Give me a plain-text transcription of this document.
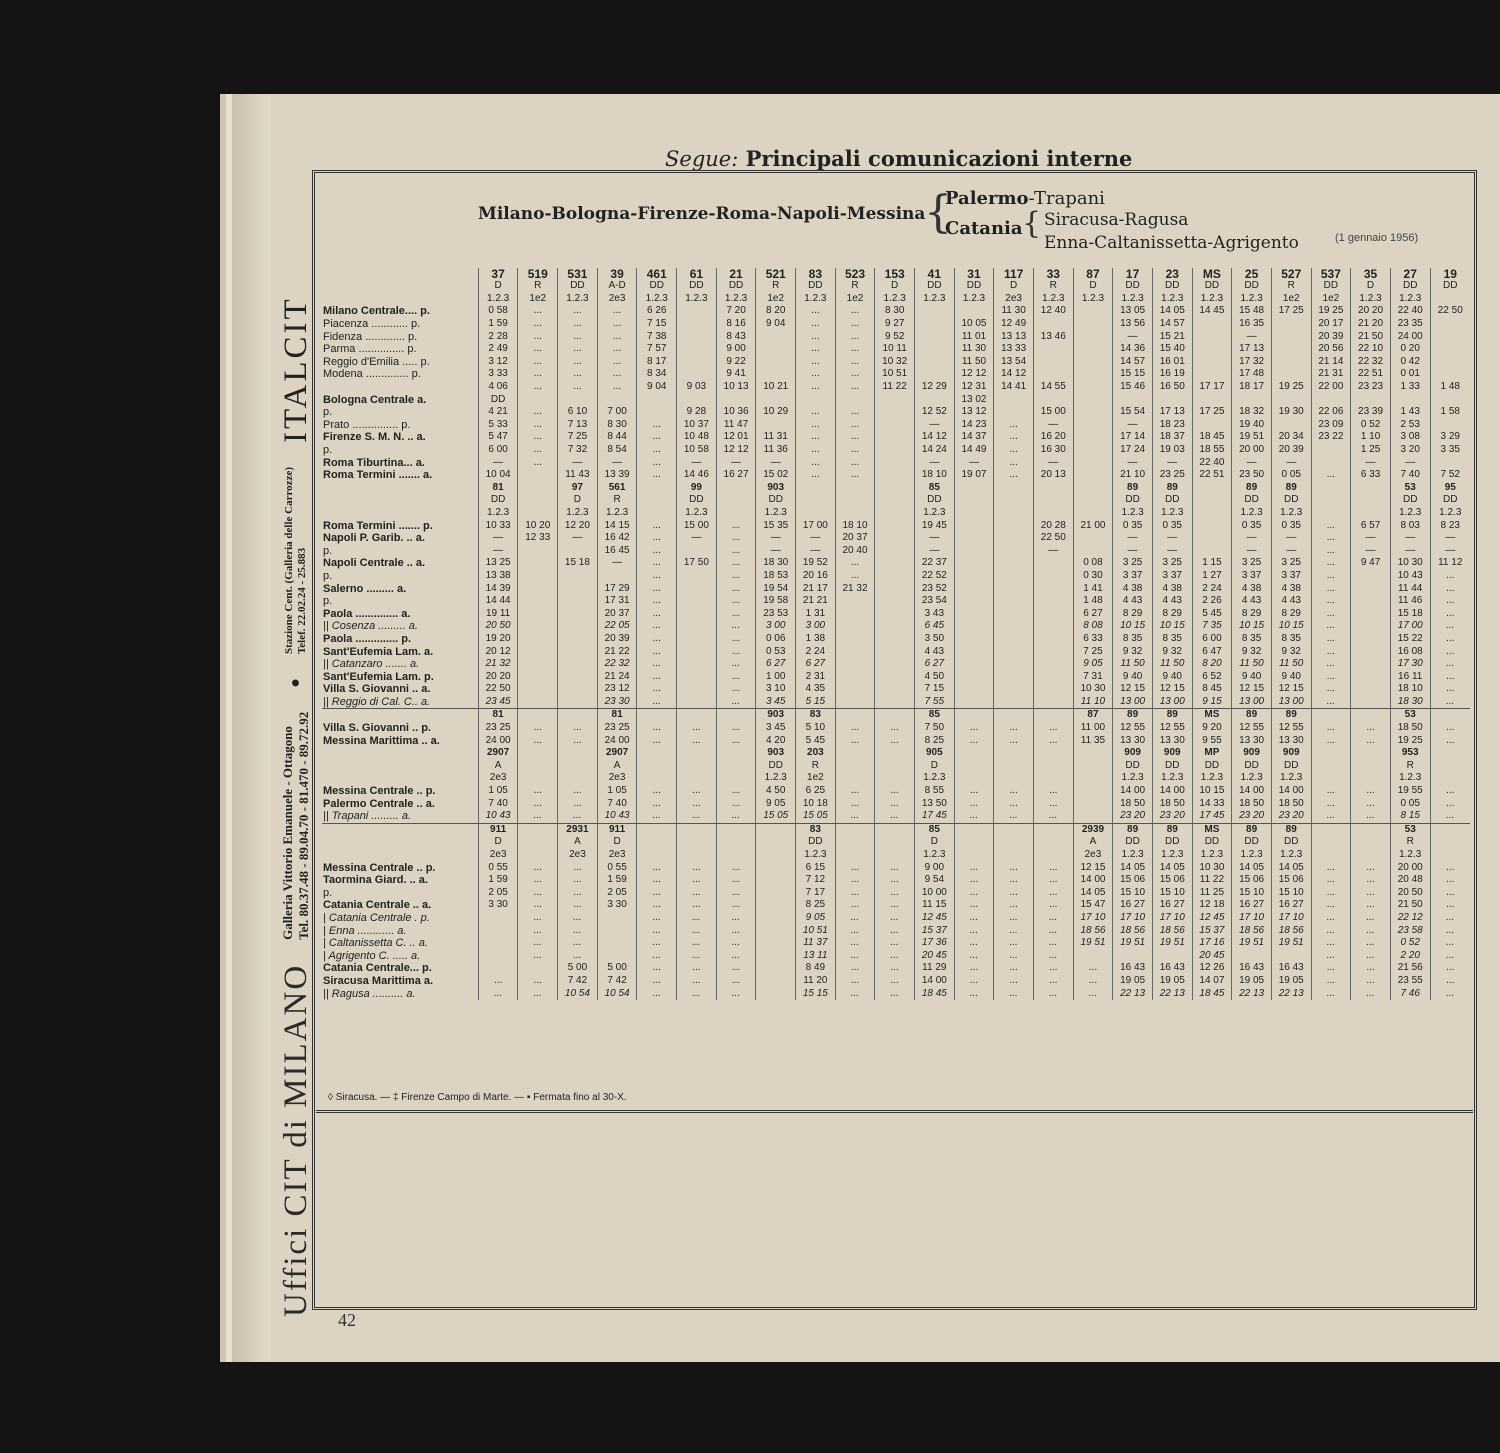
Uffici CIT di MILANO
Galleria Vittorio Emanuele - Ottagono
Tel. 80.37.48 - 89.04.70 - 81.470 - 89.72.92
●
Stazione Cent. (Galleria delle Carrozze)
Telef. 22.02.24 - 25.883
ITALCIT
Segue: Principali comunicazioni interne
Milano-Bologna-Firenze-Roma-Napoli-Messina
{
Palermo-Trapani
Catania { Siracusa-Ragusa
Enna-Caltanissetta-Agrigento	(1 gennaio 1956)
	37	519	531	39	461	61	21	521	83	523	153	41	31	117	33	87	17	23	MS	25	527	537	35	27	19
	D	R	DD	A-D	DD	DD	DD	R	DD	R	D	DD	DD	D	R	D	DD	DD	DD	DD	R	DD	D	DD	DD
	1.2.3	1e2	1.2.3	2e3	1.2.3	1.2.3	1.2.3	1e2	1.2.3	1e2	1.2.3	1.2.3	1.2.3	2e3	1.2.3	1.2.3	1.2.3	1.2.3	1.2.3	1.2.3	1e2	1e2	1.2.3	1.2.3	
Milano Centrale.... p.	0 58	...	...	...	6 26		7 20	8 20	...	...	8 30			11 30	12 40		13 05	14 05	14 45	15 48	17 25	19 25	20 20	22 40	22 50
Piacenza ............ p.	1 59	...	...	...	7 15		8 16	9 04	...	...	9 27		10 05	12 49			13 56	14 57		16 35		20 17	21 20	23 35	
Fidenza ............. p.	2 28	...	...	...	7 38		8 43		...	...	9 52		11 01	13 13	13 46		—	15 21		—		20 39	21 50	24 00	
Parma ............... p.	2 49	...	...	...	7 57		9 00		...	...	10 11		11 30	13 33			14 36	15 40		17 13		20 56	22 10	0 20	
Reggio d'Emilia ..... p.	3 12	...	...	...	8 17		9 22		...	...	10 32		11 50	13 54			14 57	16 01		17 32		21 14	22 32	0 42	
Modena .............. p.	3 33	...	...	...	8 34		9 41		...	...	10 51		12 12	14 12			15 15	16 19		17 48		21 31	22 51	0 01	
	4 06	...	...	...	9 04	9 03	10 13	10 21	...	...	11 22	12 29	12 31	14 41	14 55		15 46	16 50	17 17	18 17	19 25	22 00	23 23	1 33	1 48
Bologna Centrale a.	DD												13 02												
p.	4 21	...	6 10	7 00		9 28	10 36	10 29	...	...		12 52	13 12		15 00		15 54	17 13	17 25	18 32	19 30	22 06	23 39	1 43	1 58
Prato ............... p.	5 33	...	7 13	8 30	...	10 37	11 47		...	...		—	14 23	...	—		—	18 23		19 40		23 09	0 52	2 53	
Firenze S. M. N. .. a.	5 47	...	7 25	8 44	...	10 48	12 01	11 31	...	...		14 12	14 37	...	16 20		17 14	18 37	18 45	19 51	20 34	23 22	1 10	3 08	3 29
p.	6 00	...	7 32	8 54	...	10 58	12 12	11 36	...	...		14 24	14 49	...	16 30		17 24	19 03	18 55	20 00	20 39		1 25	3 20	3 35
Roma Tiburtina... a.	—	...	—	—	...	—	—	—	...	...		—	—	...	—		—	—	22 40	—	—		—	—	
Roma Termini ....... a.	10 04		11 43	13 39	...	14 46	16 27	15 02	...	...		18 10	19 07	...	20 13		21 10	23 25	22 51	23 50	0 05	...	6 33	7 40	7 52
	81		97	561		99		903				85					89	89		89	89			53	95
	DD		D	R		DD		DD				DD					DD	DD		DD	DD			DD	DD
	1.2.3		1.2.3	1.2.3		1.2.3		1.2.3				1.2.3					1.2.3	1.2.3		1.2.3	1.2.3			1.2.3	1.2.3
Roma Termini ....... p.	10 33	10 20	12 20	14 15	...	15 00	...	15 35	17 00	18 10		19 45			20 28	21 00	0 35	0 35		0 35	0 35	...	6 57	8 03	8 23
Napoli P. Garib. .. a.	—	12 33	—	16 42	...	—	...	—	—	20 37		—			22 50		—	—		—	—	...	—	—	—
p.	—			16 45	...		...	—	—	20 40		—			—		—	—		—	—	...	—	—	—
Napoli Centrale .. a.	13 25		15 18	—	...	17 50	...	18 30	19 52	...		22 37				0 08	3 25	3 25	1 15	3 25	3 25	...	9 47	10 30	11 12
p.	13 38				...		...	18 53	20 16	...		22 52				0 30	3 37	3 37	1 27	3 37	3 37	...		10 43	...
Salerno ......... a.	14 39			17 29	...		...	19 54	21 17	21 32		23 52				1 41	4 38	4 38	2 24	4 38	4 38	...		11 44	...
p.	14 44			17 31	...		...	19 58	21 21			23 54				1 48	4 43	4 43	2 26	4 43	4 43	...		11 46	...
Paola .............. a.	19 11			20 37	...		...	23 53	1 31			3 43				6 27	8 29	8 29	5 45	8 29	8 29	...		15 18	...
|| Cosenza ......... a.	20 50			22 05	...		...	3 00	3 00			6 45				8 08	10 15	10 15	7 35	10 15	10 15	...		17 00	...
Paola .............. p.	19 20			20 39	...		...	0 06	1 38			3 50				6 33	8 35	8 35	6 00	8 35	8 35	...		15 22	...
Sant'Eufemia Lam. a.	20 12			21 22	...		...	0 53	2 24			4 43				7 25	9 32	9 32	6 47	9 32	9 32	...		16 08	...
|| Catanzaro ....... a.	21 32			22 32	...		...	6 27	6 27			6 27				9 05	11 50	11 50	8 20	11 50	11 50	...		17 30	...
Sant'Eufemia Lam. p.	20 20			21 24	...		...	1 00	2 31			4 50				7 31	9 40	9 40	6 52	9 40	9 40	...		16 11	...
Villa S. Giovanni .. a.	22 50			23 12	...		...	3 10	4 35			7 15				10 30	12 15	12 15	8 45	12 15	12 15	...		18 10	...
|| Reggio di Cal. C.. a.	23 45			23 30	...		...	3 45	5 15			7 55				11 10	13 00	13 00	9 15	13 00	13 00	...		18 30	...
	81			81				903	83			85				87	89	89	MS	89	89			53	
Villa S. Giovanni .. p.	23 25	...	...	23 25	...	...	...	3 45	5 10	...	...	7 50	...	...	...	11 00	12 55	12 55	9 20	12 55	12 55	...	...	18 50	...
Messina Marittima .. a.	24 00	...	...	24 00	...	...	...	4 20	5 45	...	...	8 25	...	...	...	11 35	13 30	13 30	9 55	13 30	13 30	...	...	19 25	...
	2907			2907				903	203			905					909	909	MP	909	909			953	
	A			A				DD	R			D					DD	DD	DD	DD	DD			R	
	2e3			2e3				1.2.3	1e2			1.2.3					1.2.3	1.2.3	1.2.3	1.2.3	1.2.3			1.2.3	
Messina Centrale .. p.	1 05	...	...	1 05	...	...	...	4 50	6 25	...	...	8 55	...	...	...		14 00	14 00	10 15	14 00	14 00	...	...	19 55	...
Palermo Centrale .. a.	7 40	...	...	7 40	...	...	...	9 05	10 18	...	...	13 50	...	...	...		18 50	18 50	14 33	18 50	18 50	...	...	0 05	...
|| Trapani ......... a.	10 43	...	...	10 43	...	...	...	15 05	15 05	...	...	17 45	...	...	...		23 20	23 20	17 45	23 20	23 20	...	...	8 15	...
	911		2931	911					83			85				2939	89	89	MS	89	89			53	
	D		A	D					DD			D				A	DD	DD	DD	DD	DD			R	
	2e3		2e3	2e3					1.2.3			1.2.3				2e3	1.2.3	1.2.3	1.2.3	1.2.3	1.2.3			1.2.3	
Messina Centrale .. p.	0 55	...	...	0 55	...	...	...		6 15	...	...	9 00	...	...	...	12 15	14 05	14 05	10 30	14 05	14 05	...	...	20 00	...
Taormina Giard. .. a.	1 59	...	...	1 59	...	...	...		7 12	...	...	9 54	...	...	...	14 00	15 06	15 06	11 22	15 06	15 06	...	...	20 48	...
p.	2 05	...	...	2 05	...	...	...		7 17	...	...	10 00	...	...	...	14 05	15 10	15 10	11 25	15 10	15 10	...	...	20 50	...
Catania Centrale .. a.	3 30	...	...	3 30	...	...	...		8 25	...	...	11 15	...	...	...	15 47	16 27	16 27	12 18	16 27	16 27	...	...	21 50	...
| Catania Centrale . p.		...	...		...	...	...		9 05	...	...	12 45	...	...	...	17 10	17 10	17 10	12 45	17 10	17 10	...	...	22 12	...
| Enna ............ a.		...	...		...	...	...		10 51	...	...	15 37	...	...	...	18 56	18 56	18 56	15 37	18 56	18 56	...	...	23 58	...
| Caltanissetta C. .. a.		...	...		...	...	...		11 37	...	...	17 36	...	...	...	19 51	19 51	19 51	17 16	19 51	19 51	...	...	0 52	...
| Agrigento C. ..... a.		...	...		...	...	...		13 11	...	...	20 45	...	...	...				20 45			...	...	2 20	...
Catania Centrale... p.			5 00	5 00	...	...	...		8 49	...	...	11 29	...	...	...	...	16 43	16 43	12 26	16 43	16 43	...	...	21 56	...
Siracusa Marittima a.	...	...	7 42	7 42	...	...	...		11 20	...	...	14 00	...	...	...	...	19 05	19 05	14 07	19 05	19 05	...	...	23 55	...
|| Ragusa .......... a.	...	...	10 54	10 54	...	...	...		15 15	...	...	18 45	...	...	...	...	22 13	22 13	18 45	22 13	22 13	...	...	7 46	...
◊ Siracusa. — ‡ Firenze Campo di Marte. — ▪ Fermata fino al 30-X.
42
